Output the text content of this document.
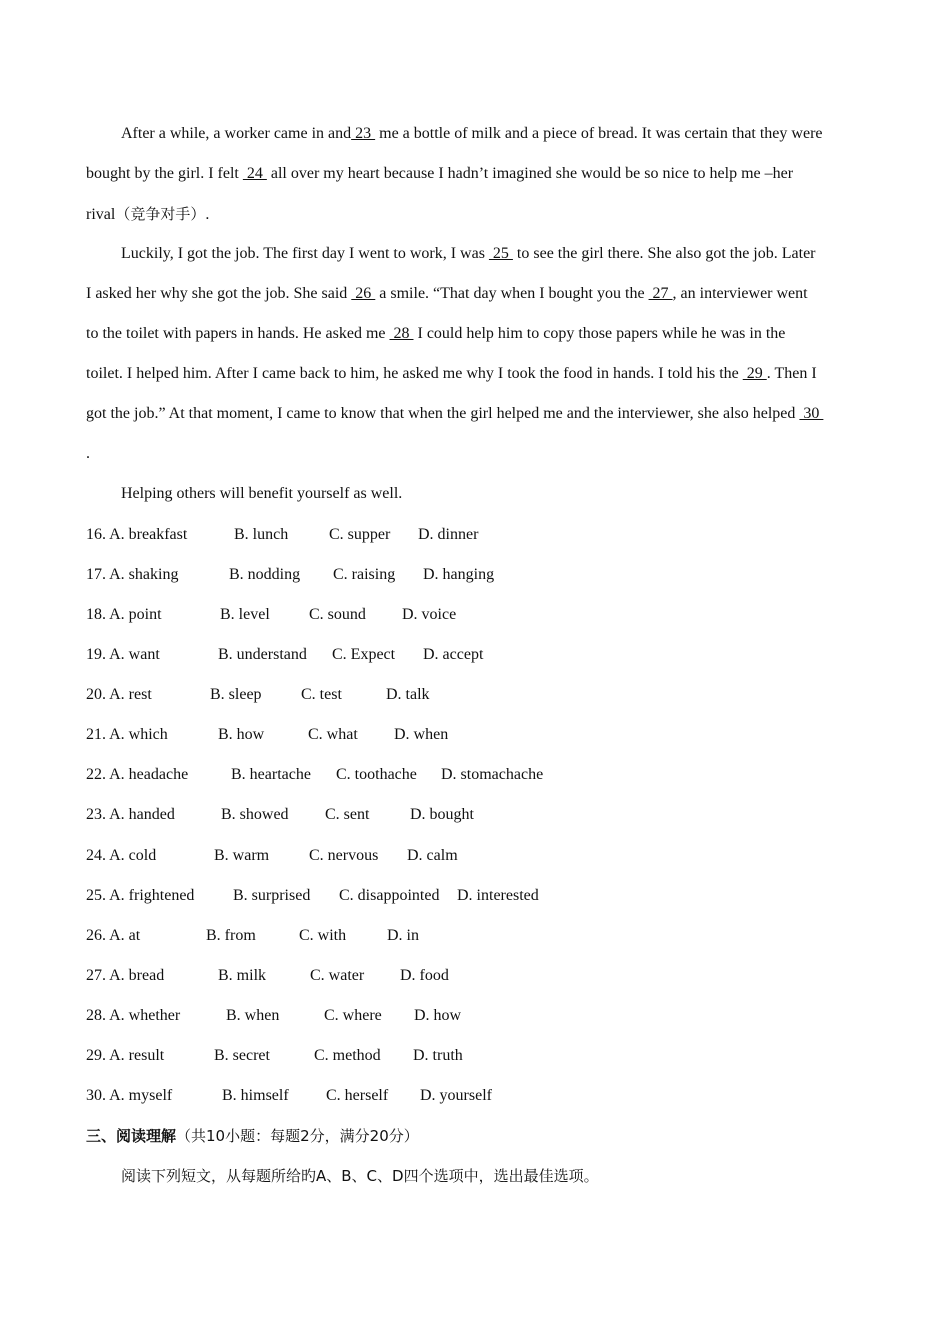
After a while, a worker came in and 23  me a bottle of milk and a piece of bread. It was certain that they were
bought by the girl. I felt  24  all over my heart because I hadn’t imagined she would be so nice to help me –her
rival（竞争对手）.
Luckily, I got the job. The first day I went to work, I was  25  to see the girl there. She also got the job. Later
I asked her why she got the job. She said  26  a smile. “That day when I bought you the  27 , an interviewer went
to the toilet with papers in hands. He asked me  28  I could help him to copy those papers while he was in the
toilet. I helped him. After I came back to him, he asked me why I took the food in hands. I told his the  29 . Then I
got the job.” At that moment, I came to know that when the girl helped me and the interviewer, she also helped  30
.
Helping others will benefit yourself as well.
16. A. breakfast	B. lunch	C. supper D. dinner
17. A. shaking	B. nodding C. raising D. hanging
18. A. point	B. level C. sound D. voice
19. A. want	B. understand C. Expect D. accept
20. A. rest	B. sleep C. test	D. talk
21. A. which	B. how	C. what D. when
22. A. headache	B. heartache C. toothache D. stomachache
23. A. handed	B. showed C. sent	D. bought
24. A. cold	B. warm C. nervous D. calm
25. A. frightened B. surprised C. disappointed D. interested
26. A. at	B. from	C. with	D. in
27. A. bread	B. milk	C. water D. food
28. A. whether	B. when	C. where D. how
29. A. result	B. secret	C. method D. truth
30. A. myself	B. himself C. herself D. yourself
三、阅读理解（共10小题：每题2分，满分20分）
阅读下列短文，从每题所给旳A、B、C、D四个选项中，选出最佳选项。
